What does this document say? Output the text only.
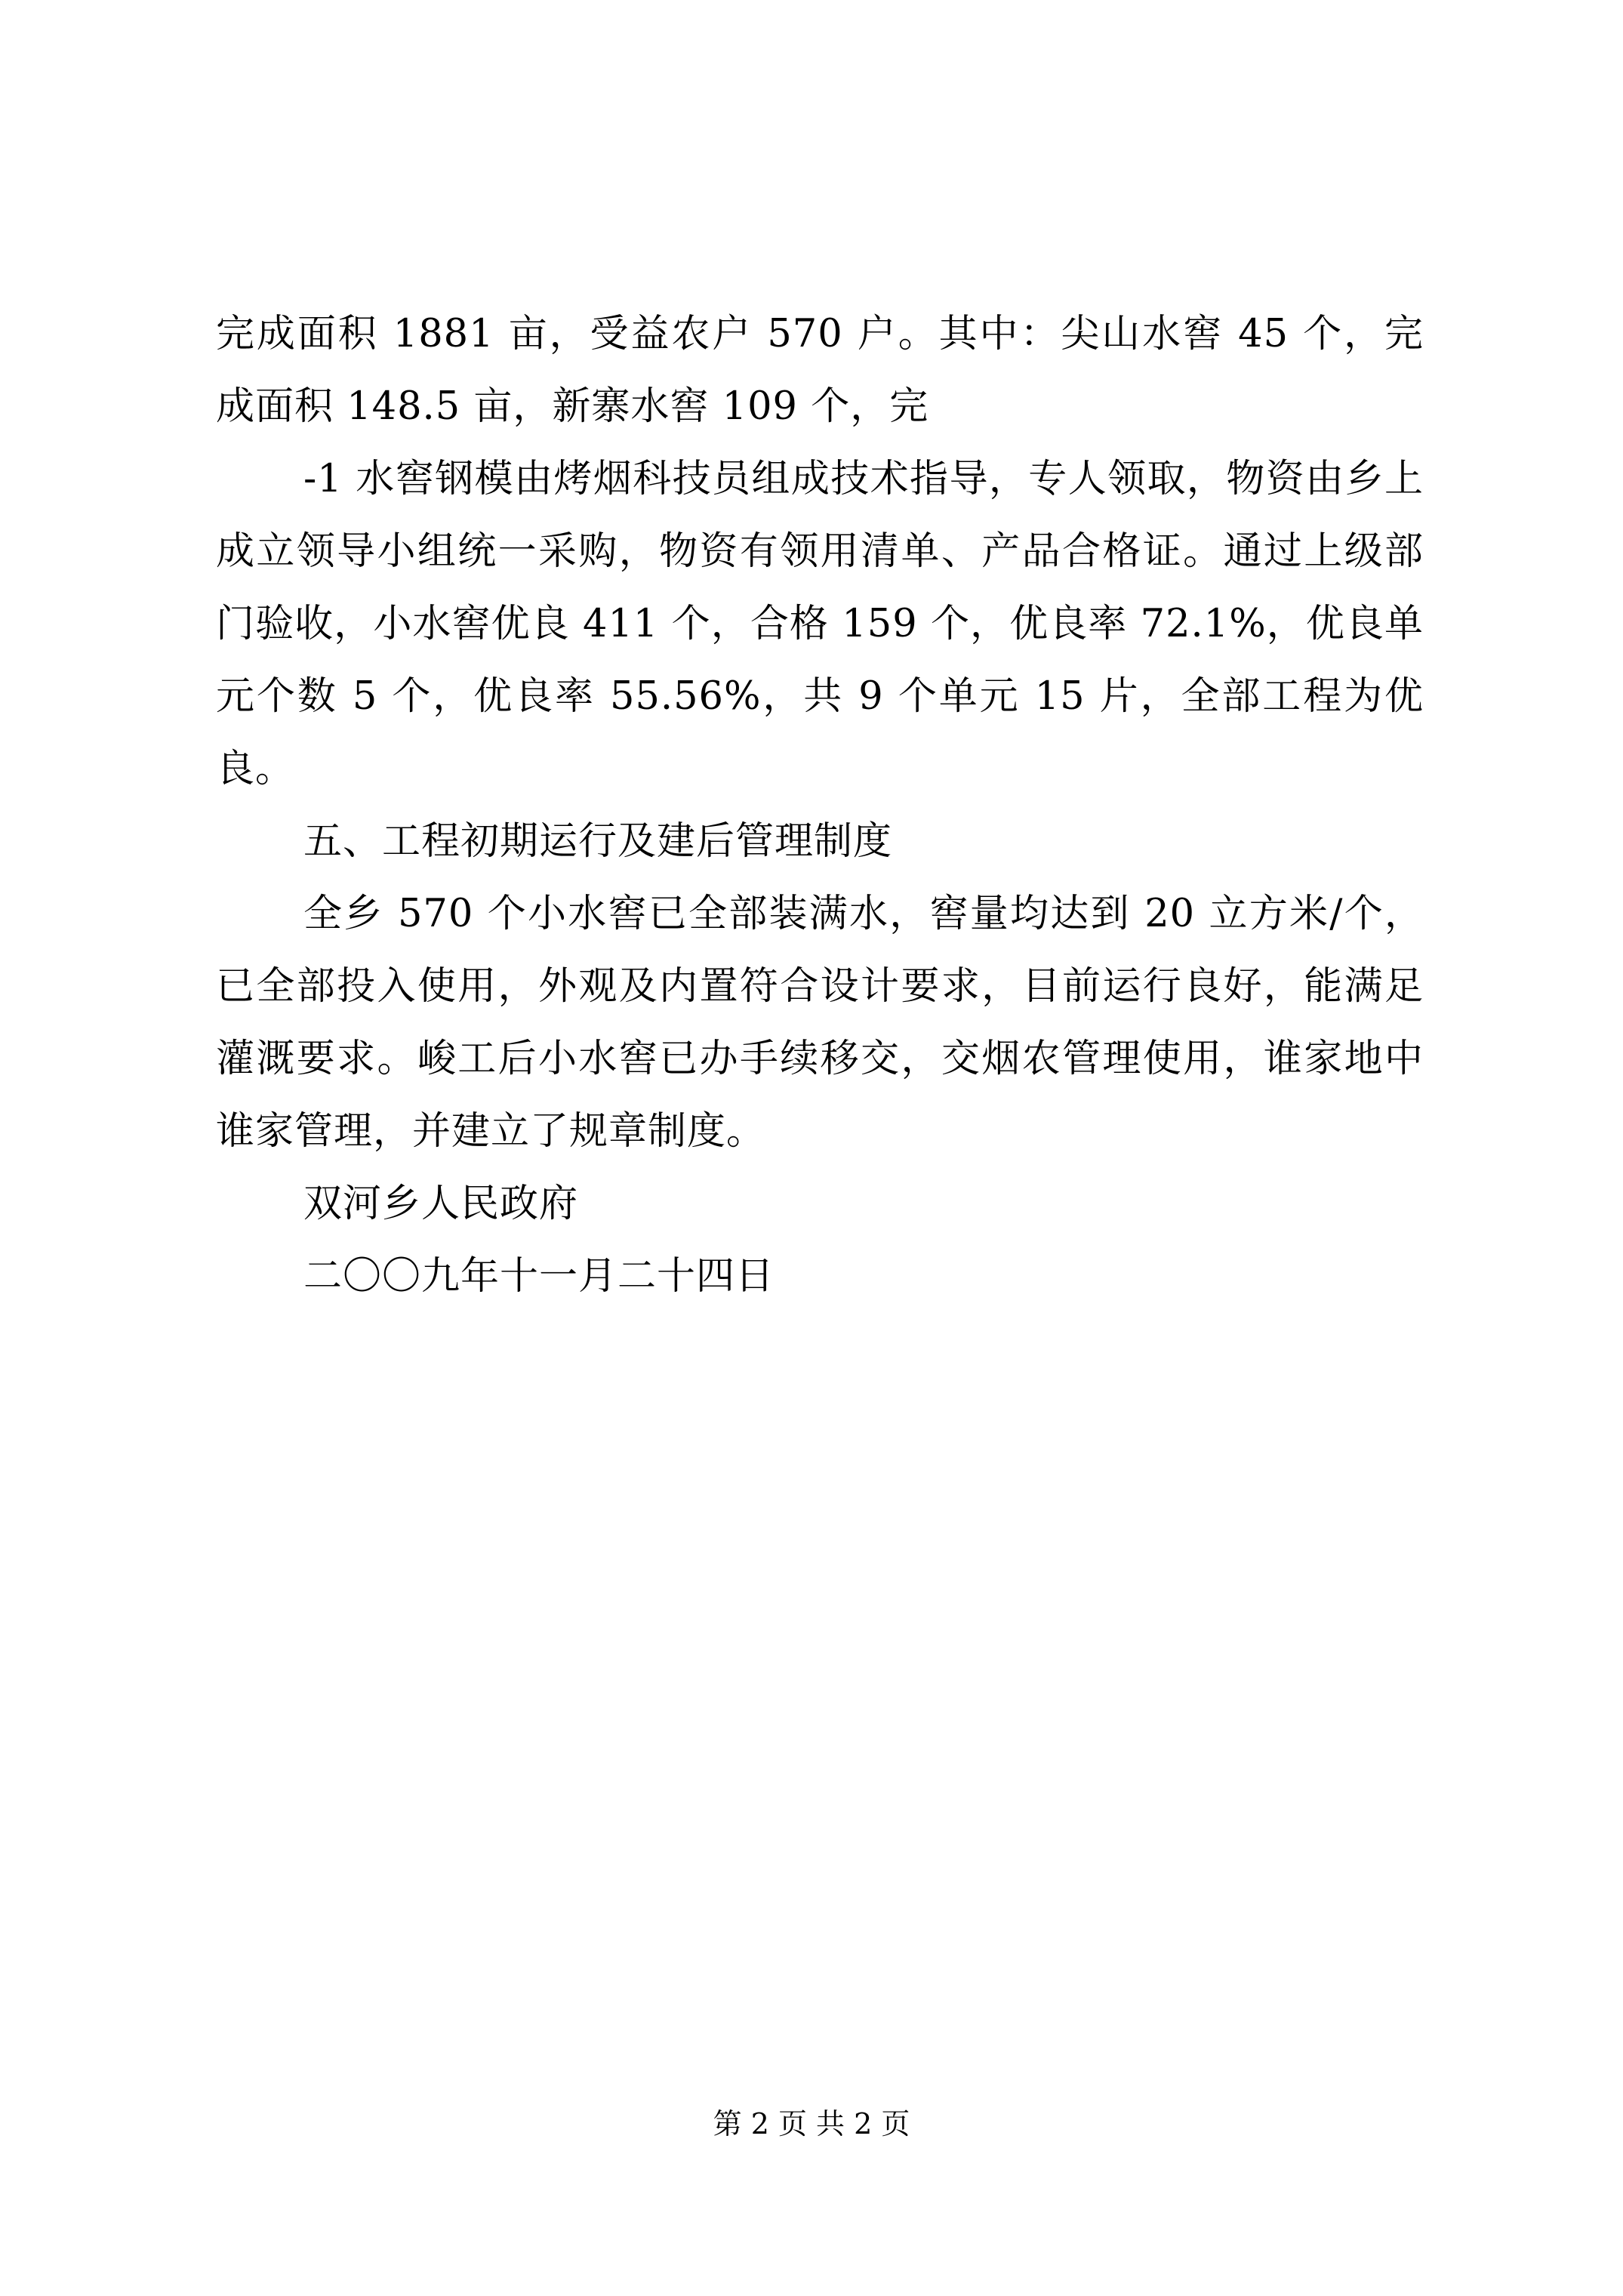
完成面积 1881 亩，受益农户 570 户。其中：尖山水窖 45 个，完成面积 148.5 亩，新寨水窖 109 个，完

-1 水窖钢模由烤烟科技员组成技术指导，专人领取，物资由乡上成立领导小组统一采购，物资有领用清单、产品合格证。通过上级部门验收，小水窖优良 411 个，合格 159 个，优良率 72.1%，优良单元个数 5 个，优良率 55.56%，共 9 个单元 15 片，全部工程为优良。

五、工程初期运行及建后管理制度

全乡 570 个小水窖已全部装满水，窖量均达到 20 立方米/个，已全部投入使用，外观及内置符合设计要求，目前运行良好，能满足灌溉要求。峻工后小水窖已办手续移交，交烟农管理使用，谁家地中谁家管理，并建立了规章制度。

双河乡人民政府

二〇〇九年十一月二十四日

第 2 页 共 2 页
